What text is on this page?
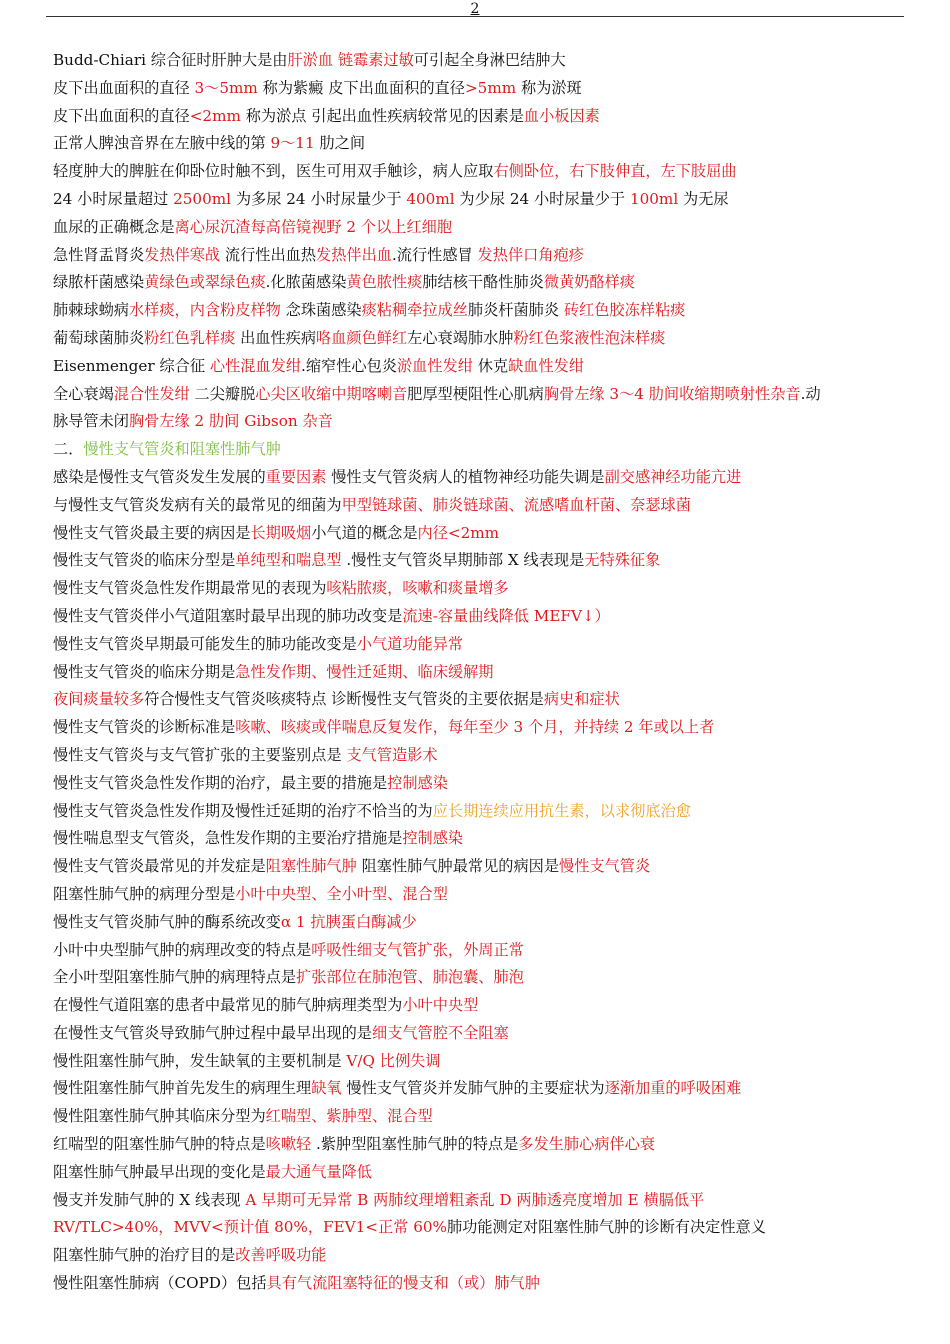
2
Budd-Chiari 综合征时肝肿大是由肝淤血 链霉素过敏可引起全身淋巴结肿大
皮下出血面积的直径 3～5mm 称为紫癜 皮下出血面积的直径>5mm 称为淤斑
皮下出血面积的直径<2mm 称为淤点 引起出血性疾病较常见的因素是血小板因素
正常人脾浊音界在左腋中线的第 9～11 肋之间
轻度肿大的脾脏在仰卧位时触不到，医生可用双手触诊，病人应取右侧卧位，右下肢伸直，左下肢屈曲
24 小时尿量超过 2500ml 为多尿 24 小时尿量少于 400ml 为少尿 24 小时尿量少于 100ml 为无尿
血尿的正确概念是离心尿沉渣每高倍镜视野 2 个以上红细胞
急性肾盂肾炎发热伴寒战 流行性出血热发热伴出血.流行性感冒 发热伴口角疱疹
绿脓杆菌感染黄绿色或翠绿色痰.化脓菌感染黄色脓性痰肺结核干酪性肺炎微黄奶酪样痰
肺棘球蚴病水样痰，内含粉皮样物 念珠菌感染痰粘稠牵拉成丝肺炎杆菌肺炎 砖红色胶冻样粘痰
葡萄球菌肺炎粉红色乳样痰 出血性疾病咯血颜色鲜红左心衰竭肺水肿粉红色浆液性泡沫样痰
Eisenmenger 综合征 心性混血发绀.缩窄性心包炎淤血性发绀 休克缺血性发绀
全心衰竭混合性发绀 二尖瓣脱心尖区收缩中期喀喇音肥厚型梗阻性心肌病胸骨左缘 3～4 肋间收缩期喷射性杂音.动
脉导管未闭胸骨左缘 2 肋间 Gibson 杂音
二．慢性支气管炎和阻塞性肺气肿
感染是慢性支气管炎发生发展的重要因素 慢性支气管炎病人的植物神经功能失调是副交感神经功能亢进
与慢性支气管炎发病有关的最常见的细菌为甲型链球菌、肺炎链球菌、流感嗜血杆菌、奈瑟球菌
慢性支气管炎最主要的病因是长期吸烟小气道的概念是内径<2mm
慢性支气管炎的临床分型是单纯型和喘息型 .慢性支气管炎早期肺部 X 线表现是无特殊征象
慢性支气管炎急性发作期最常见的表现为咳粘脓痰，咳嗽和痰量增多
慢性支气管炎伴小气道阻塞时最早出现的肺功改变是流速-容量曲线降低 MEFV↓）
慢性支气管炎早期最可能发生的肺功能改变是小气道功能异常
慢性支气管炎的临床分期是急性发作期、慢性迁延期、临床缓解期
夜间痰量较多符合慢性支气管炎咳痰特点 诊断慢性支气管炎的主要依据是病史和症状
慢性支气管炎的诊断标准是咳嗽、咳痰或伴喘息反复发作，每年至少 3 个月，并持续 2 年或以上者
慢性支气管炎与支气管扩张的主要鉴别点是 支气管造影术
慢性支气管炎急性发作期的治疗，最主要的措施是控制感染
慢性支气管炎急性发作期及慢性迁延期的治疗不恰当的为应长期连续应用抗生素，以求彻底治愈
慢性喘息型支气管炎，急性发作期的主要治疗措施是控制感染
慢性支气管炎最常见的并发症是阻塞性肺气肿 阻塞性肺气肿最常见的病因是慢性支气管炎
阻塞性肺气肿的病理分型是小叶中央型、全小叶型、混合型
慢性支气管炎肺气肿的酶系统改变α 1 抗胰蛋白酶减少
小叶中央型肺气肿的病理改变的特点是呼吸性细支气管扩张，外周正常
全小叶型阻塞性肺气肿的病理特点是扩张部位在肺泡管、肺泡囊、肺泡
在慢性气道阻塞的患者中最常见的肺气肿病理类型为小叶中央型
在慢性支气管炎导致肺气肿过程中最早出现的是细支气管腔不全阻塞
慢性阻塞性肺气肿，发生缺氧的主要机制是 V/Q 比例失调
慢性阻塞性肺气肿首先发生的病理生理缺氧 慢性支气管炎并发肺气肿的主要症状为逐渐加重的呼吸困难
慢性阻塞性肺气肿其临床分型为红喘型、紫肿型、混合型
红喘型的阻塞性肺气肿的特点是咳嗽轻 .紫肿型阻塞性肺气肿的特点是多发生肺心病伴心衰
阻塞性肺气肿最早出现的变化是最大通气量降低
慢支并发肺气肿的 X 线表现 A 早期可无异常 B 两肺纹理增粗紊乱 D 两肺透亮度增加 E 横膈低平
RV/TLC>40%，MVV<预计值 80%，FEV1<正常 60%肺功能测定对阻塞性肺气肿的诊断有决定性意义
阻塞性肺气肿的治疗目的是改善呼吸功能
慢性阻塞性肺病（COPD）包括具有气流阻塞特征的慢支和（或）肺气肿
